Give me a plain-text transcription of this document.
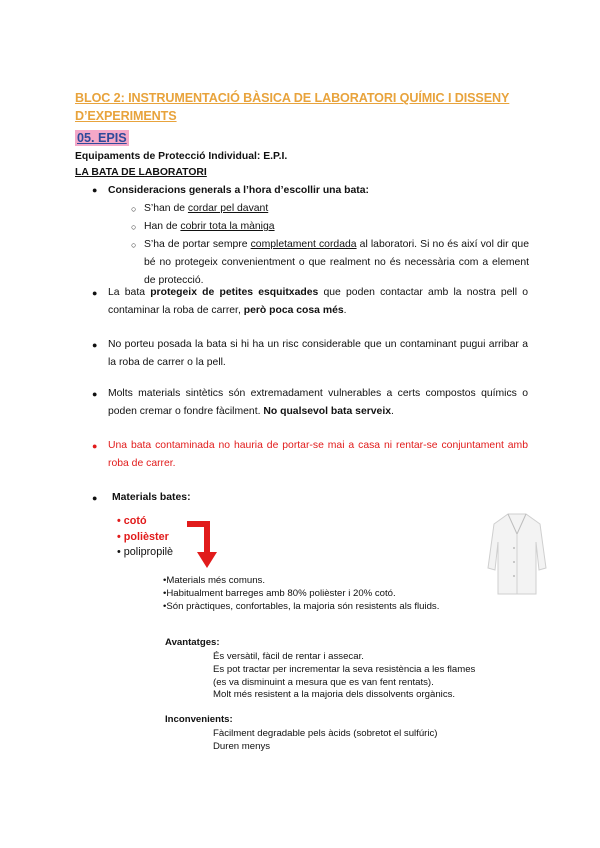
BLOC 2: INSTRUMENTACIÓ BÀSICA DE LABORATORI QUÍMIC I DISSENY D’EXPERIMENTS
05. EPIS
Equipaments de Protecció Individual: E.P.I.
LA BATA DE LABORATORI
● Consideracions generals a l’hora d’escollir una bata:
○ S’han de cordar pel davant
○ Han de cobrir tota la màniga
○ S’ha de portar sempre completament cordada al laboratori. Si no és així vol dir que bé no protegeix convenientment o que realment no és necessària com a element de protecció.
● La bata protegeix de petites esquitxades que poden contactar amb la nostra pell o contaminar la roba de carrer, però poca cosa més.
● No porteu posada la bata si hi ha un risc considerable que un contaminant pugui arribar a la roba de carrer o la pell.
● Molts materials sintètics són extremadament vulnerables a certs compostos químics o poden cremar o fondre fàcilment. No qualsevol bata serveix.
● Una bata contaminada no hauria de portar-se mai a casa ni rentar-se conjuntament amb roba de carrer.
● Materials bates:
• cotó
• polièster
• polipropilè
•Materials més comuns.
•Habitualment barreges amb 80% polièster i 20% cotó.
•Són pràctiques, confortables, la majoria són resistents als fluids.
Avantatges:
És versàtil, fàcil de rentar i assecar.
Es pot tractar per incrementar la seva resistència a les flames
(es va disminuint a mesura que es van fent rentats).
Molt més resistent a la majoria dels dissolvents orgànics.
Inconvenients:
Fàcilment degradable pels àcids (sobretot el sulfúric)
Duren menys
